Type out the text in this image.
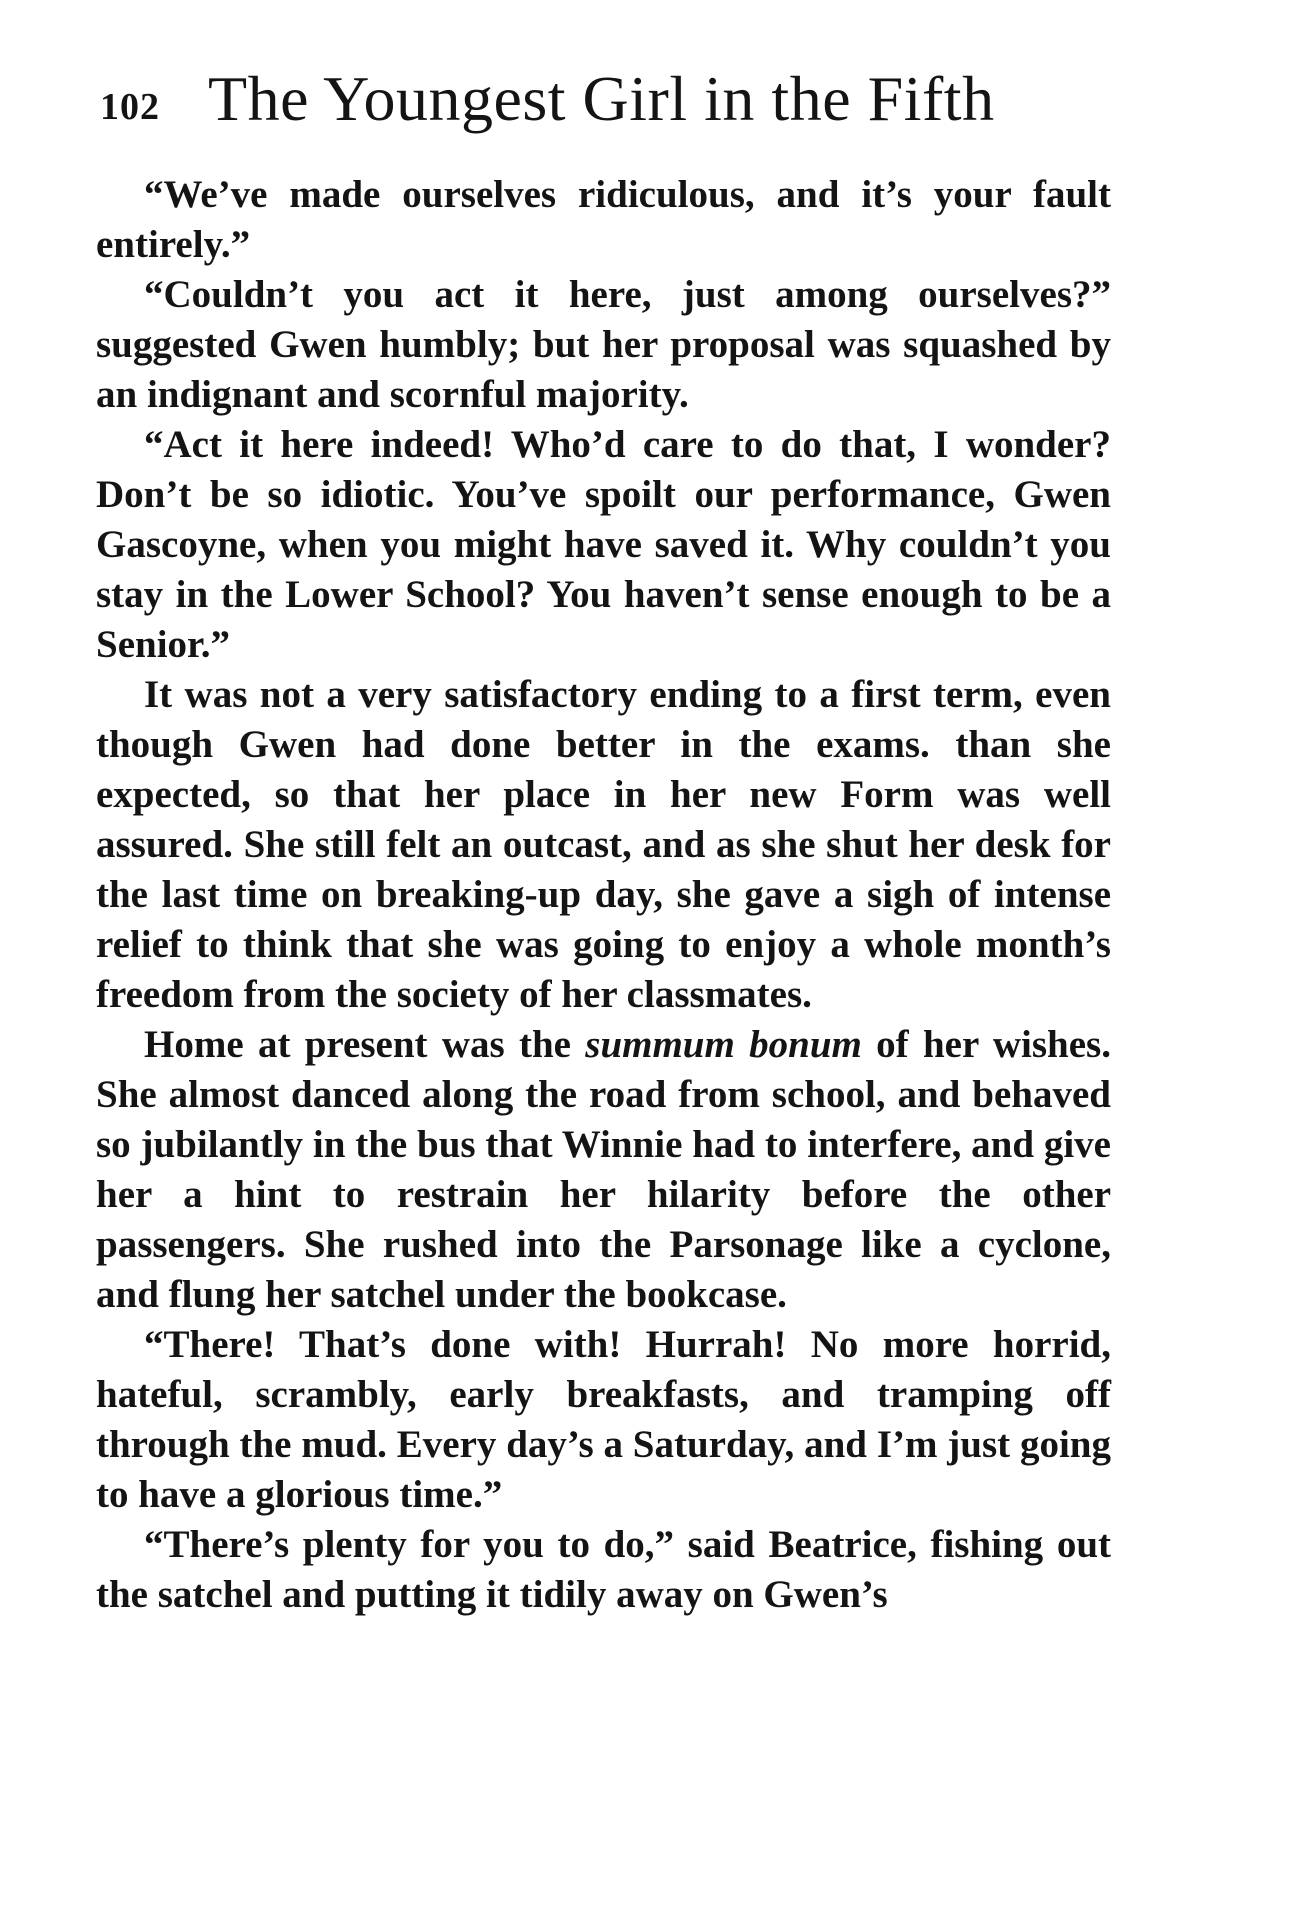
102 The Youngest Girl in the Fifth

“We’ve made ourselves ridiculous, and it’s your fault entirely.”

“Couldn’t you act it here, just among ourselves?” suggested Gwen humbly; but her proposal was squashed by an indignant and scornful majority.

“Act it here indeed! Who’d care to do that, I wonder? Don’t be so idiotic. You’ve spoilt our performance, Gwen Gascoyne, when you might have saved it. Why couldn’t you stay in the Lower School? You haven’t sense enough to be a Senior.”

It was not a very satisfactory ending to a first term, even though Gwen had done better in the exams. than she expected, so that her place in her new Form was well assured. She still felt an outcast, and as she shut her desk for the last time on breaking-up day, she gave a sigh of intense relief to think that she was going to enjoy a whole month’s freedom from the society of her classmates.

Home at present was the summum bonum of her wishes. She almost danced along the road from school, and behaved so jubilantly in the bus that Winnie had to interfere, and give her a hint to restrain her hilarity before the other passengers. She rushed into the Parsonage like a cyclone, and flung her satchel under the bookcase.

“There! That’s done with! Hurrah! No more horrid, hateful, scrambly, early breakfasts, and tramping off through the mud. Every day’s a Saturday, and I’m just going to have a glorious time.”

“There’s plenty for you to do,” said Beatrice, fishing out the satchel and putting it tidily away on Gwen’s
